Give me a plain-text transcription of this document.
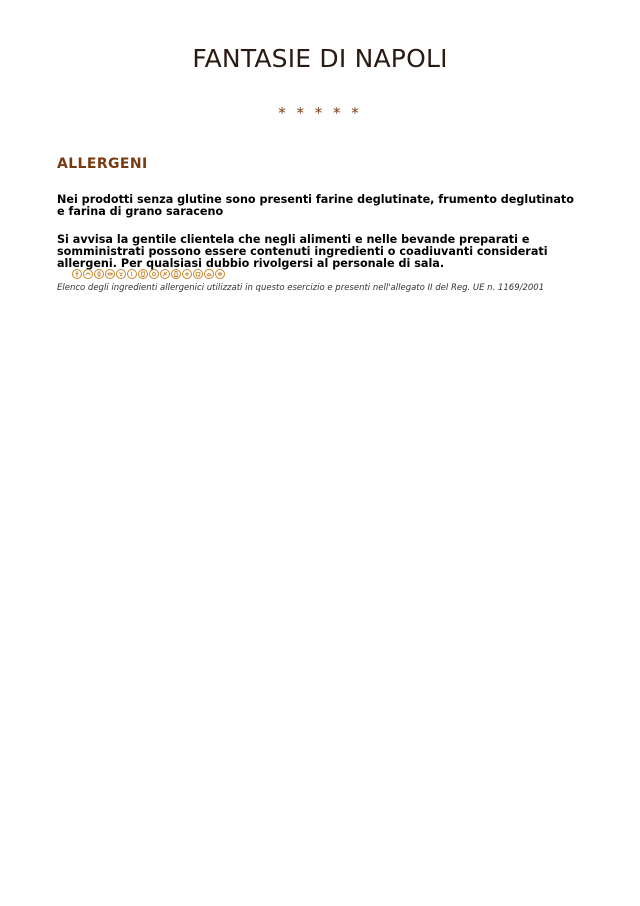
FANTASIE DI NAPOLI
* * * * *
ALLERGENI
Nei prodotti senza glutine sono presenti farine deglutinate, frumento deglutinato e farina di grano saraceno
Si avvisa la gentile clientela che negli alimenti e nelle bevande preparati e somministrati possono essere contenuti ingredienti o coadiuvanti considerati allergeni. Per qualsiasi dubbio rivolgersi al personale di sala.
Elenco degli ingredienti allergenici utilizzati in questo esercizio e presenti nell'allegato II del Reg. UE n. 1169/2001
